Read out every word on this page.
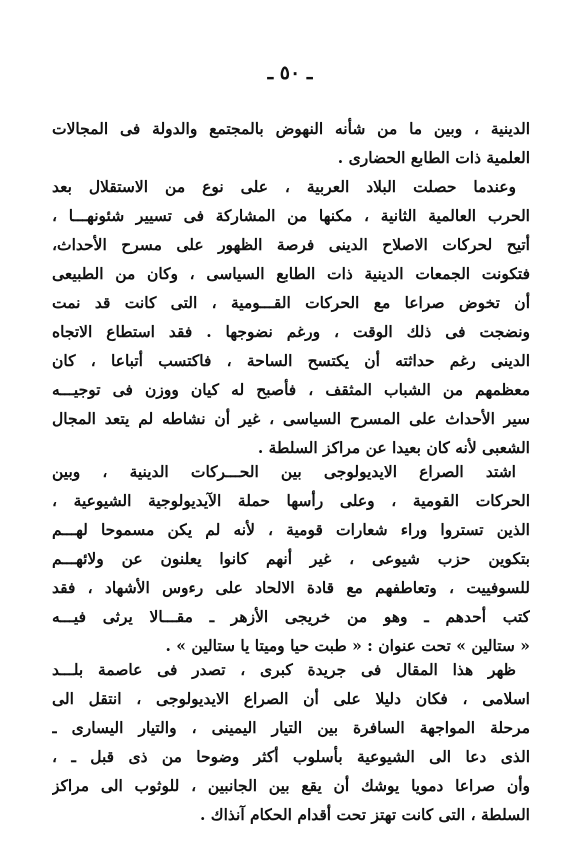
ـ ٥٠ ـ
الدينية ، وبين ما من شأنه النهوض بالمجتمع والدولة فى المجالات
العلمية ذات الطابع الحضارى .
وعندما حصلت البلاد العربية ، على نوع من الاستقلال بعد
الحرب العالمية الثانية ، مكنها من المشاركة فى تسيير شئونهـــا ،
أتيح لحركات الاصلاح الدينى فرصة الظهور على مسرح الأحداث،
فتكونت الجمعات الدينية ذات الطابع السياسى ، وكان من الطبيعى
أن تخوض صراعا مع الحركات القـــومية ، التى كانت قد نمت
ونضجت فى ذلك الوقت ، ورغم نضوجها . فقد استطاع الاتجاه
الدينى رغم حداثته أن يكتسح الساحة ، فاكتسب أتباعا ، كان
معظمهم من الشباب المثقف ، فأصبح له كيان ووزن فى توجيـــه
سير الأحداث على المسرح السياسى ، غير أن نشاطه لم يتعد المجال
الشعبى لأنه كان بعيدا عن مراكز السلطة .
اشتد الصراع الايديولوجى بين الحـــركات الدينية ، وبين
الحركات القومية ، وعلى رأسها حملة الآيديولوجية الشيوعية ،
الذين تستروا وراء شعارات قومية ، لأنه لم يكن مسموحا لهـــم
بتكوين حزب شيوعى ، غير أنهم كانوا يعلنون عن ولائهـــم
للسوفييت ، وتعاطفهم مع قادة الالحاد على رءوس الأشهاد ، فقد
كتب أحدهم ـ وهو من خريجى الأزهر ـ مقـــالا يرثى فيـــه
« ستالين » تحت عنوان : « طبت حيا وميتا يا ستالين » .
ظهر هذا المقال فى جريدة كبرى ، تصدر فى عاصمة بلـــد
اسلامى ، فكان دليلا على أن الصراع الايديولوجى ، انتقل الى
مرحلة المواجهة السافرة بين التيار اليمينى ، والتيار اليسارى ـ
الذى دعا الى الشيوعية بأسلوب أكثر وضوحا من ذى قبل ـ ،
وأن صراعا دمويا يوشك أن يقع بين الجانبين ، للوثوب الى مراكز
السلطة ، التى كانت تهتز تحت أقدام الحكام آنذاك .
